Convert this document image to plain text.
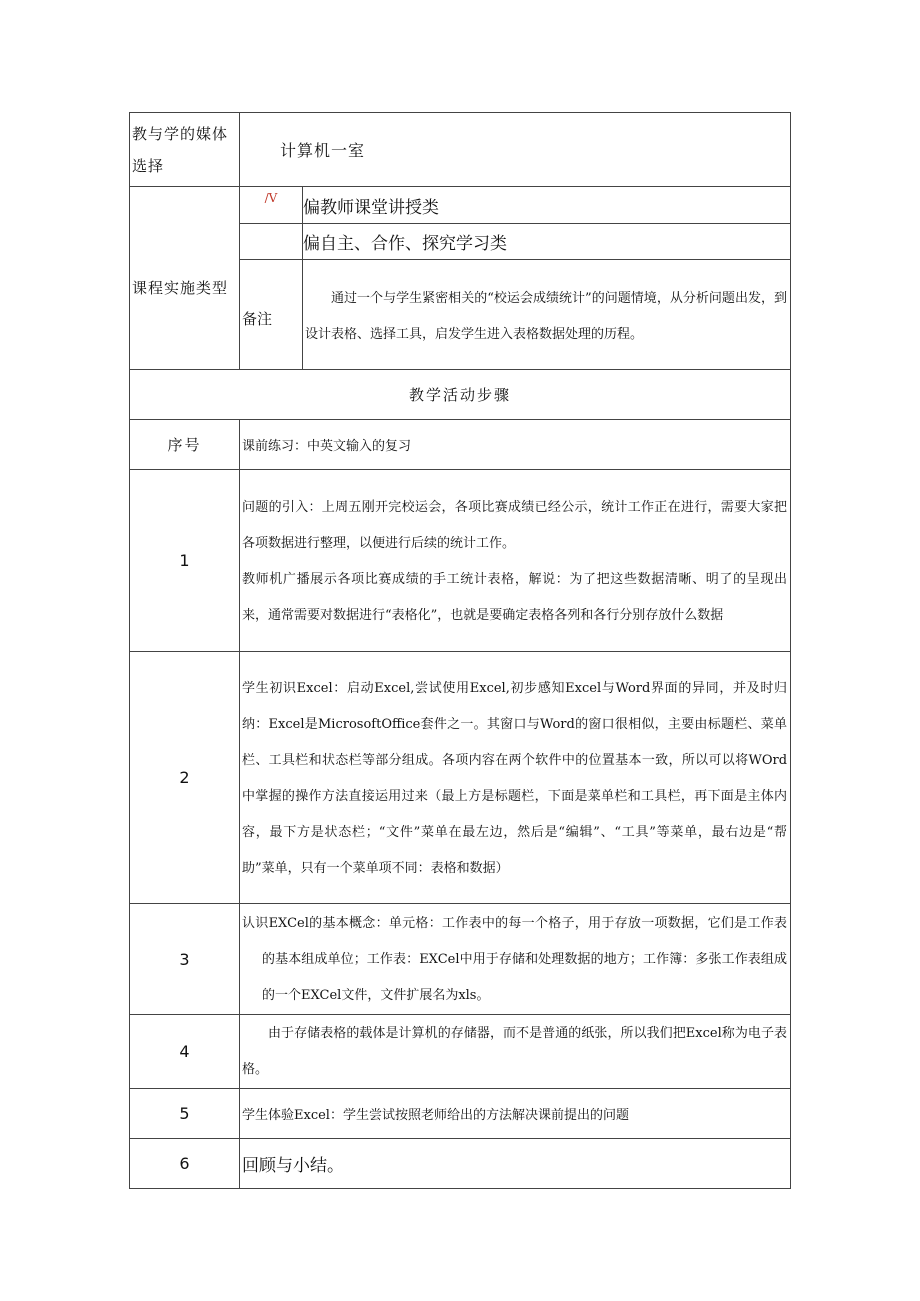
教与学的媒体选择	计算机一室	

课程实施类型	/V	偏教师课堂讲授类
		偏自主、合作、探究学习类

	备注	通过一个与学生紧密相关的“校运会成绩统计”的问题情境，从分析问题出发，到设计表格、选择工具，启发学生进入表格数据处理的历程。

教学活动步骤		
序号	课前练习：中英文输入的复习	

1	问题的引入：上周五刚开完校运会，各项比赛成绩已经公示，统计工作正在进行，需要大家把各项数据进行整理，以便进行后续的统计工作。

教师机广播展示各项比赛成绩的手工统计表格，解说：为了把这些数据清晰、明了的呈现出来，通常需要对数据进行“表格化”，也就是要确定表格各列和各行分别存放什么数据	

2	学生初识Excel：启动Excel,尝试使用Excel,初步感知Excel与Word界面的异同，并及时归纳：Excel是MicrosoftOffice套件之一。其窗口与Word的窗口很相似，主要由标题栏、菜单栏、工具栏和状态栏等部分组成。各项内容在两个软件中的位置基本一致，所以可以将WOrd中掌握的操作方法直接运用过来（最上方是标题栏，下面是菜单栏和工具栏，再下面是主体内容，最下方是状态栏；“文件”菜单在最左边，然后是“编辑”、“工具”等菜单，最右边是“帮助”菜单，只有一个菜单项不同：表格和数据）	

3	认识EXCel的基本概念：单元格：工作表中的每一个格子，用于存放一项数据，它们是工作表的基本组成单位；工作表：EXCel中用于存储和处理数据的地方；工作簿：多张工作表组成的一个EXCel文件，文件扩展名为xls。	

4	由于存储表格的载体是计算机的存储器，而不是普通的纸张，所以我们把Excel称为电子表格。	

5	学生体验Excel：学生尝试按照老师给出的方法解决课前提出的问题	

6	回顾与小结。	
